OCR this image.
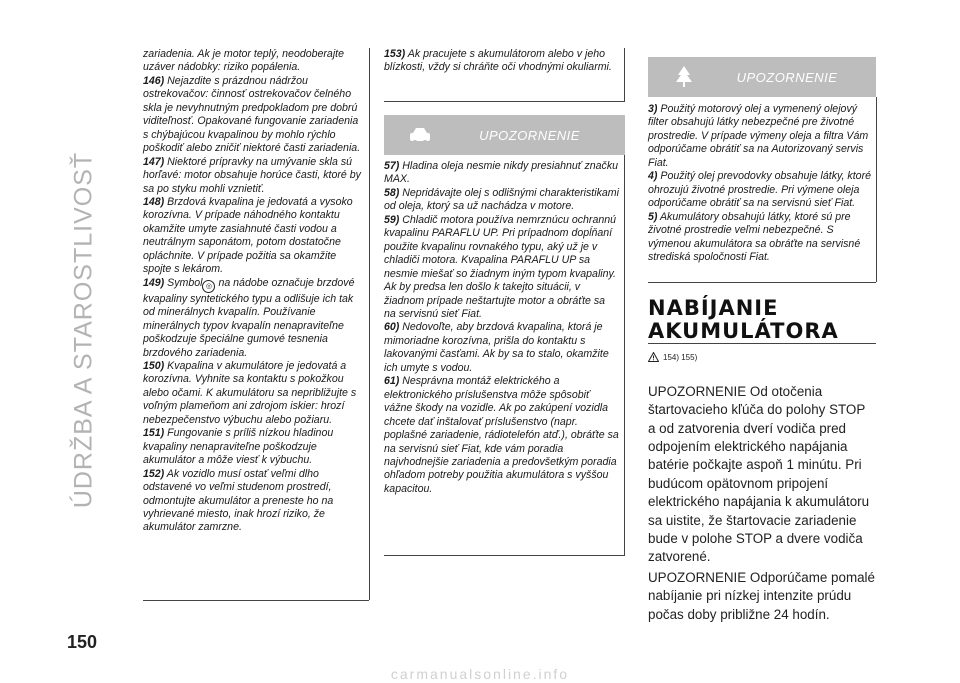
ÚDRŽBA A STAROSTLIVOSŤ
150

zariadenia. Ak je motor teplý, neodoberajte uzáver nádobky: riziko popálenia.

146) Nejazdite s prázdnou nádržou ostrekovačov: činnosť ostrekovačov čelného skla je nevyhnutným predpokladom pre dobrú viditeľnosť. Opakované fungovanie zariadenia s chýbajúcou kvapalinou by mohlo rýchlo poškodiť alebo zničiť niektoré časti zariadenia.

147) Niektoré prípravky na umývanie skla sú horľavé: motor obsahuje horúce časti, ktoré by sa po styku mohli vznietiť.

148) Brzdová kvapalina je jedovatá a vysoko korozívna. V prípade náhodného kontaktu okamžite umyte zasiahnuté časti vodou a neutrálnym saponátom, potom dostatočne opláchnite. V prípade požitia sa okamžite spojte s lekárom.

149) Symbol ◎ na nádobe označuje brzdové kvapaliny syntetického typu a odlišuje ich tak od minerálnych kvapalín. Používanie minerálnych typov kvapalín nenapraviteľne poškodzuje špeciálne gumové tesnenia brzdového zariadenia.

150) Kvapalina v akumulátore je jedovatá a korozívna. Vyhnite sa kontaktu s pokožkou alebo očami. K akumulátoru sa nepribližujte s voľným plameňom ani zdrojom iskier: hrozí nebezpečenstvo výbuchu alebo požiaru.

151) Fungovanie s príliš nízkou hladinou kvapaliny nenapraviteľne poškodzuje akumulátor a môže viesť k výbuchu.

152) Ak vozidlo musí ostať veľmi dlho odstavené vo veľmi studenom prostredí, odmontujte akumulátor a preneste ho na vyhrievané miesto, inak hrozí riziko, že akumulátor zamrzne.

153) Ak pracujete s akumulátorom alebo v jeho blízkosti, vždy si chráňte oči vhodnými okuliarmi.

UPOZORNENIE

57) Hladina oleja nesmie nikdy presiahnuť značku MAX.

58) Nepridávajte olej s odlišnými charakteristikami od oleja, ktorý sa už nachádza v motore.

59) Chladič motora používa nemrznúcu ochrannú kvapalinu PARAFLU UP. Pri prípadnom dopĺňaní použite kvapalinu rovnakého typu, aký už je v chladiči motora. Kvapalina PARAFLU UP sa nesmie miešať so žiadnym iným typom kvapaliny. Ak by predsa len došlo k takejto situácii, v žiadnom prípade neštartujte motor a obráťte sa na servisnú sieť Fiat.

60) Nedovoľte, aby brzdová kvapalina, ktorá je mimoriadne korozívna, prišla do kontaktu s lakovanými časťami. Ak by sa to stalo, okamžite ich umyte s vodou.

61) Nesprávna montáž elektrického a elektronického príslušenstva môže spôsobiť vážne škody na vozidle. Ak po zakúpení vozidla chcete dať inštalovať príslušenstvo (napr. poplašné zariadenie, rádiotelefón atď.), obráťte sa na servisnú sieť Fiat, kde vám poradia najvhodnejšie zariadenia a predovšetkým poradia ohľadom potreby použitia akumulátora s vyššou kapacitou.

UPOZORNENIE

3) Použitý motorový olej a vymenený olejový filter obsahujú látky nebezpečné pre životné prostredie. V prípade výmeny oleja a filtra Vám odporúčame obrátiť sa na Autorizovaný servis Fiat.

4) Použitý olej prevodovky obsahuje látky, ktoré ohrozujú životné prostredie. Pri výmene oleja odporúčame obrátiť sa na servisnú sieť Fiat.

5) Akumulátory obsahujú látky, ktoré sú pre životné prostredie veľmi nebezpečné. S výmenou akumulátora sa obráťte na servisné strediská spoločnosti Fiat.

NABÍJANIE
AKUMULÁTORA
154) 155)

UPOZORNENIE Od otočenia štartovacieho kľúča do polohy STOP a od zatvorenia dverí vodiča pred odpojením elektrického napájania batérie počkajte aspoň 1 minútu. Pri budúcom opätovnom pripojení elektrického napájania k akumulátoru sa uistite, že štartovacie zariadenie bude v polohe STOP a dvere vodiča zatvorené.

UPOZORNENIE Odporúčame pomalé nabíjanie pri nízkej intenzite prúdu počas doby približne 24 hodín.

carmanualsonline.info
